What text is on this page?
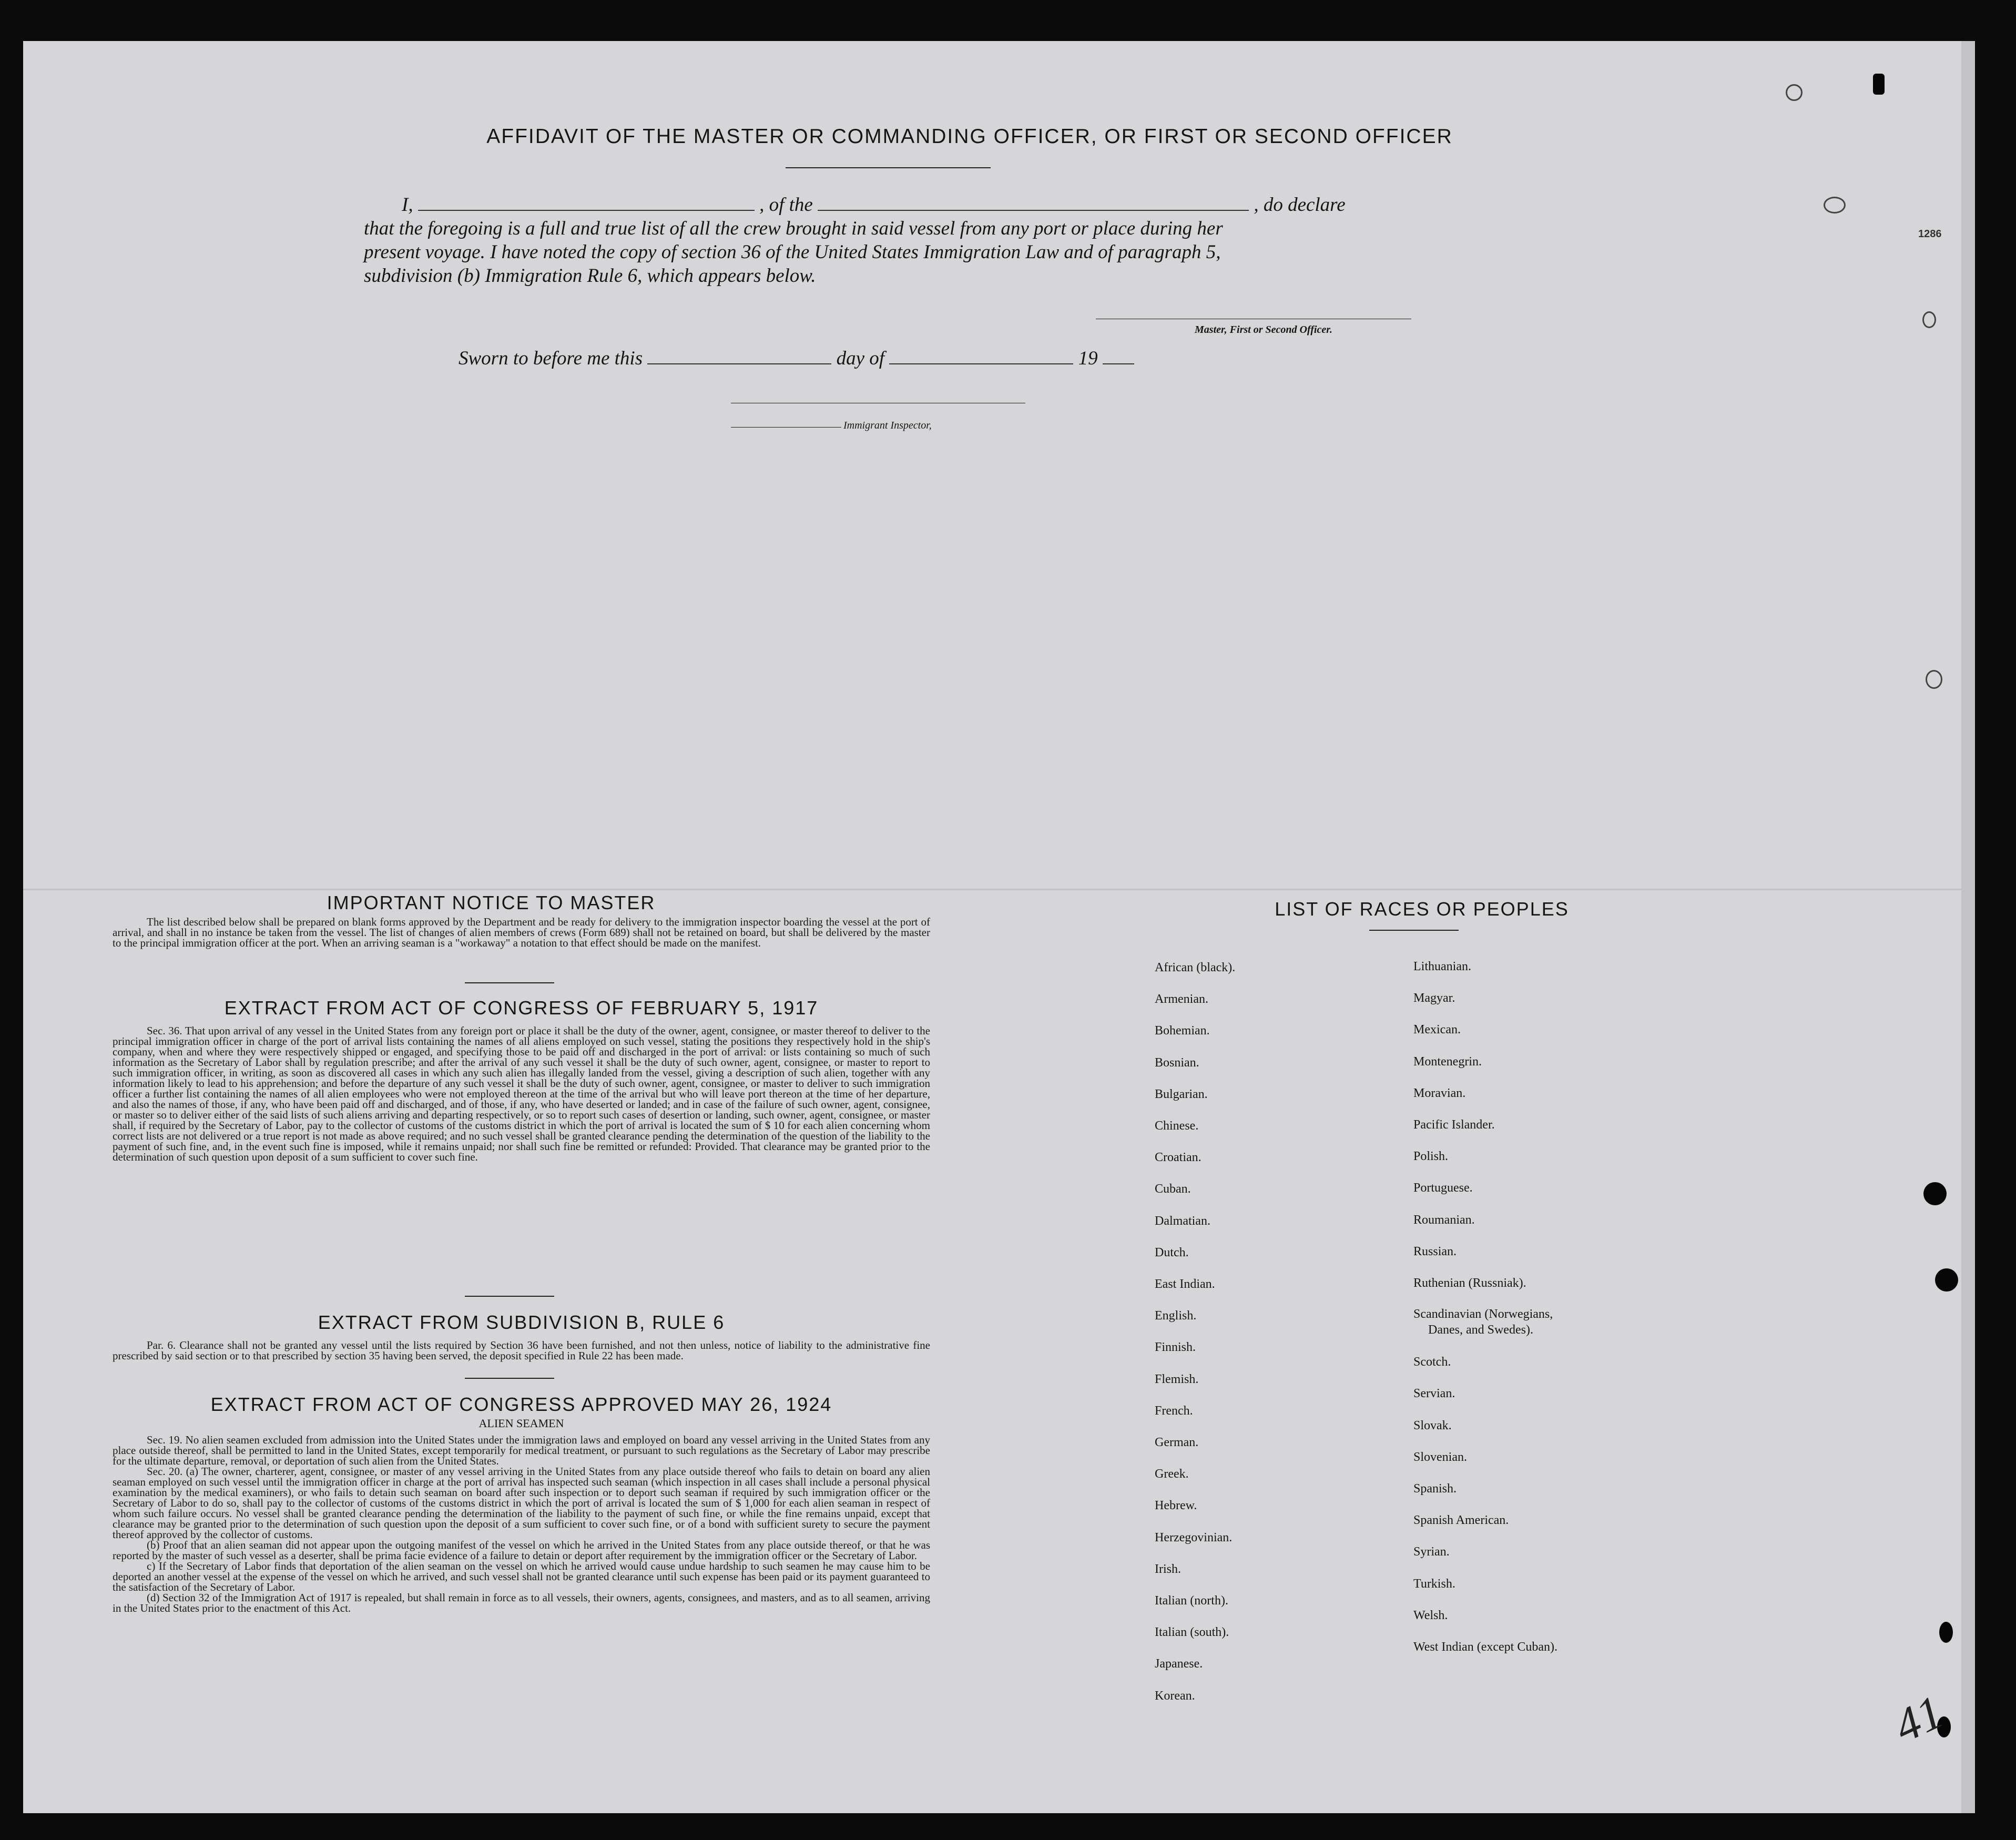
1286
AFFIDAVIT OF THE MASTER OR COMMANDING OFFICER, OR FIRST OR SECOND OFFICER
I,	, of the	, do declare
that the foregoing is a full and true list of all the crew brought in said vessel from any port or place during her
present voyage. I have noted the copy of section 36 of the United States Immigration Law and of paragraph 5,
subdivision (b) Immigration Rule 6, which appears below.
Master, First or Second Officer.
Sworn to before me this	day of	19
Immigrant Inspector,
IMPORTANT NOTICE TO MASTER

The list described below shall be prepared on blank forms approved by the Department and be ready for delivery to the immigration inspector boarding the vessel at the port of arrival, and shall in no instance be taken from the vessel. The list of changes of alien members of crews (Form 689) shall not be retained on board, but shall be delivered by the master to the principal immigration officer at the port. When an arriving seaman is a "workaway" a notation to that effect should be made on the manifest.

EXTRACT FROM ACT OF CONGRESS OF FEBRUARY 5, 1917

Sec. 36. That upon arrival of any vessel in the United States from any foreign port or place it shall be the duty of the owner, agent, consignee, or master thereof to deliver to the principal immigration officer in charge of the port of arrival lists containing the names of all aliens employed on such vessel, stating the positions they respectively hold in the ship's company, when and where they were respectively shipped or engaged, and specifying those to be paid off and discharged in the port of arrival: or lists containing so much of such information as the Secretary of Labor shall by regulation prescribe; and after the arrival of any such vessel it shall be the duty of such owner, agent, consignee, or master to report to such immigration officer, in writing, as soon as discovered all cases in which any such alien has illegally landed from the vessel, giving a description of such alien, together with any information likely to lead to his apprehension; and before the departure of any such vessel it shall be the duty of such owner, agent, consignee, or master to deliver to such immigration officer a further list containing the names of all alien employees who were not employed thereon at the time of the arrival but who will leave port thereon at the time of her departure, and also the names of those, if any, who have been paid off and discharged, and of those, if any, who have deserted or landed; and in case of the failure of such owner, agent, consignee, or master so to deliver either of the said lists of such aliens arriving and departing respectively, or so to report such cases of desertion or landing, such owner, agent, consignee, or master shall, if required by the Secretary of Labor, pay to the collector of customs of the customs district in which the port of arrival is located the sum of $ 10 for each alien concerning whom correct lists are not delivered or a true report is not made as above required; and no such vessel shall be granted clearance pending the determination of the question of the liability to the payment of such fine, and, in the event such fine is imposed, while it remains unpaid; nor shall such fine be remitted or refunded: Provided. That clearance may be granted prior to the determination of such question upon deposit of a sum sufficient to cover such fine.

EXTRACT FROM SUBDIVISION B, RULE 6

Par. 6. Clearance shall not be granted any vessel until the lists required by Section 36 have been furnished, and not then unless, notice of liability to the administrative fine prescribed by said section or to that prescribed by section 35 having been served, the deposit specified in Rule 22 has been made.

EXTRACT FROM ACT OF CONGRESS APPROVED MAY 26, 1924
ALIEN SEAMEN

Sec. 19. No alien seamen excluded from admission into the United States under the immigration laws and employed on board any vessel arriving in the United States from any place outside thereof, shall be permitted to land in the United States, except temporarily for medical treatment, or pursuant to such regulations as the Secretary of Labor may prescribe for the ultimate departure, removal, or deportation of such alien from the United States.

Sec. 20. (a) The owner, charterer, agent, consignee, or master of any vessel arriving in the United States from any place outside thereof who fails to detain on board any alien seaman employed on such vessel until the immigration officer in charge at the port of arrival has inspected such seaman (which inspection in all cases shall include a personal physical examination by the medical examiners), or who fails to detain such seaman on board after such inspection or to deport such seaman if required by such immigration officer or the Secretary of Labor to do so, shall pay to the collector of customs of the customs district in which the port of arrival is located the sum of $ 1,000 for each alien seaman in respect of whom such failure occurs. No vessel shall be granted clearance pending the determination of the liability to the payment of such fine, or while the fine remains unpaid, except that clearance may be granted prior to the determination of such question upon the deposit of a sum sufficient to cover such fine, or of a bond with sufficient surety to secure the payment thereof approved by the collector of customs.

(b) Proof that an alien seaman did not appear upon the outgoing manifest of the vessel on which he arrived in the United States from any place outside thereof, or that he was reported by the master of such vessel as a deserter, shall be prima facie evidence of a failure to detain or deport after requirement by the immigration officer or the Secretary of Labor.

c) If the Secretary of Labor finds that deportation of the alien seaman on the vessel on which he arrived would cause undue hardship to such seamen he may cause him to be deported an another vessel at the expense of the vessel on which he arrived, and such vessel shall not be granted clearance until such expense has been paid or its payment guaranteed to the satisfaction of the Secretary of Labor.

(d) Section 32 of the Immigration Act of 1917 is repealed, but shall remain in force as to all vessels, their owners, agents, consignees, and masters, and as to all seamen, arriving in the United States prior to the enactment of this Act.

LIST OF RACES OR PEOPLES
African (black).
Armenian.
Bohemian.
Bosnian.
Bulgarian.
Chinese.
Croatian.
Cuban.
Dalmatian.
Dutch.
East Indian.
English.
Finnish.
Flemish.
French.
German.
Greek.
Hebrew.
Herzegovinian.
Irish.
Italian (north).
Italian (south).
Japanese.
Korean.
Lithuanian.
Magyar.
Mexican.
Montenegrin.
Moravian.
Pacific Islander.
Polish.
Portuguese.
Roumanian.
Russian.
Ruthenian (Russniak).
Scandinavian (Norwegians,
Danes, and Swedes).
Scotch.
Servian.
Slovak.
Slovenian.
Spanish.
Spanish American.
Syrian.
Turkish.
Welsh.
West Indian (except Cuban).
41
